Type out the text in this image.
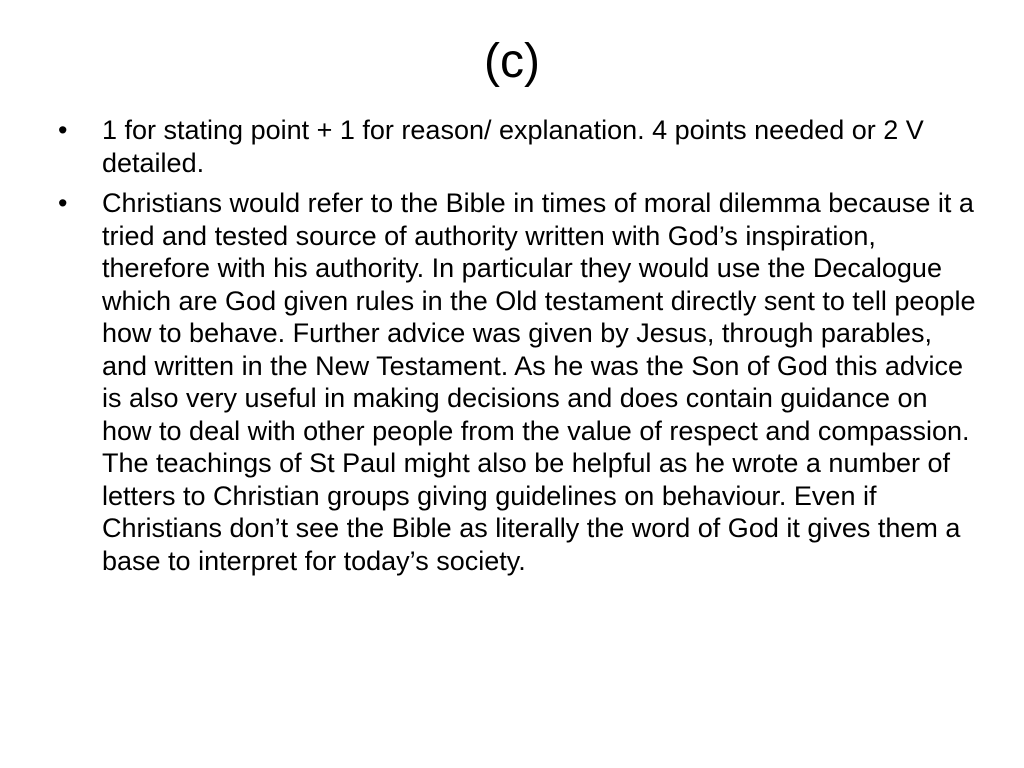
(c)
•	1 for stating point + 1 for reason/ explanation. 4 points needed or 2 V detailed.
•	Christians would refer to the Bible in times of moral dilemma because it a tried and tested source of authority written with God’s inspiration, therefore with his authority. In particular they would use the Decalogue which are God given rules in the Old testament directly sent to tell people how to behave. Further advice was given by Jesus, through parables, and written in the New Testament. As he was the Son of God this advice is also very useful in making decisions and does contain guidance on how to deal with other people from the value of respect and compassion. The teachings of St Paul might also be helpful as he wrote a number of letters to Christian groups giving guidelines on behaviour. Even if Christians don’t see the Bible as literally the word of God it gives them a base to interpret for today’s society.
